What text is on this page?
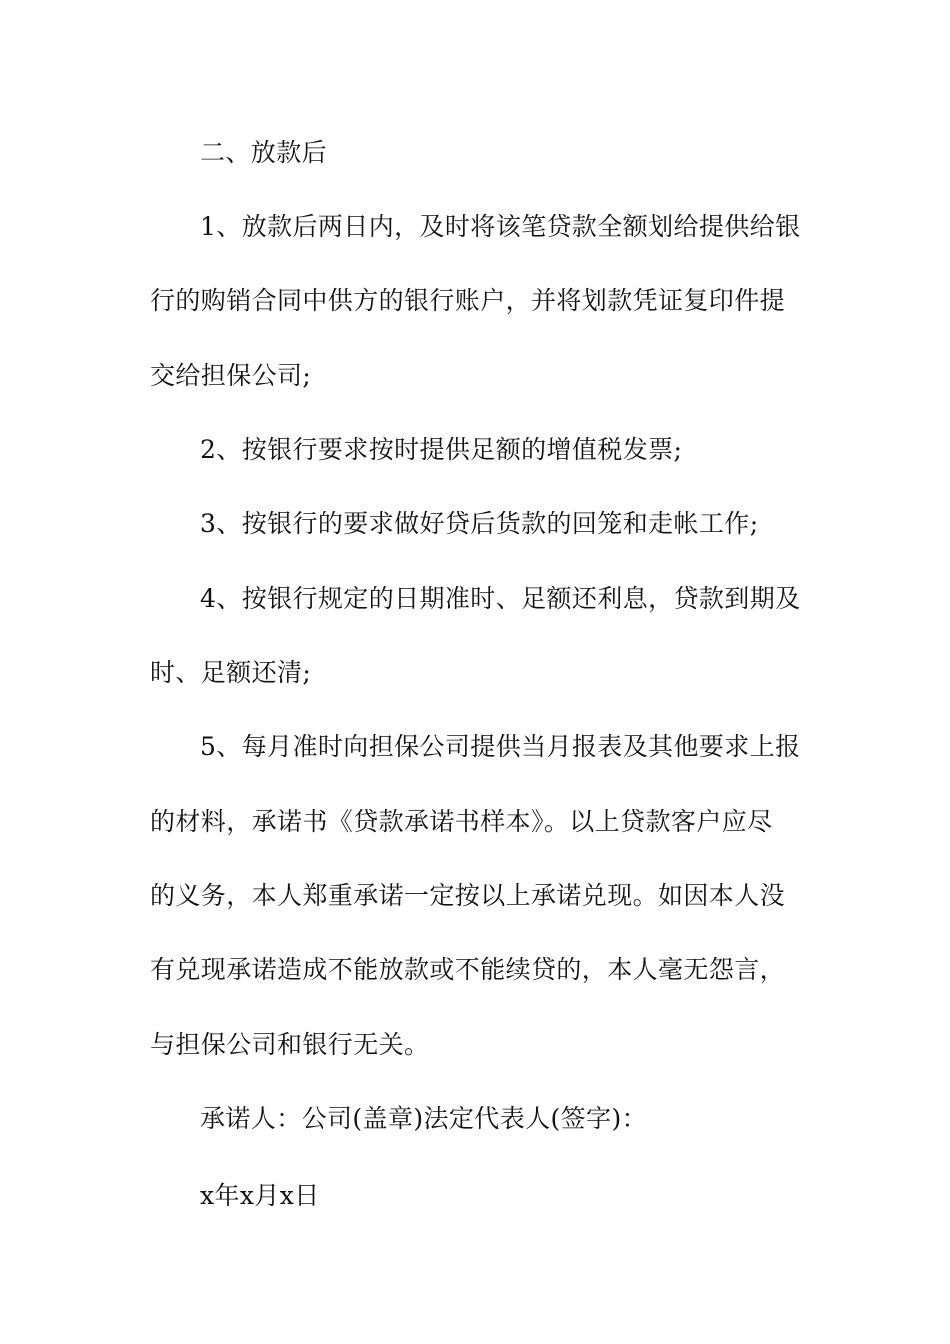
二、放款后
1、放款后两日内，及时将该笔贷款全额划给提供给银
行的购销合同中供方的银行账户，并将划款凭证复印件提
交给担保公司;
2、按银行要求按时提供足额的增值税发票;
3、按银行的要求做好贷后货款的回笼和走帐工作;
4、按银行规定的日期准时、足额还利息，贷款到期及
时、足额还清;
5、每月准时向担保公司提供当月报表及其他要求上报
的材料，承诺书《贷款承诺书样本》。以上贷款客户应尽
的义务，本人郑重承诺一定按以上承诺兑现。如因本人没
有兑现承诺造成不能放款或不能续贷的，本人毫无怨言，
与担保公司和银行无关。
承诺人：公司(盖章)法定代表人(签字)：
x年x月x日
